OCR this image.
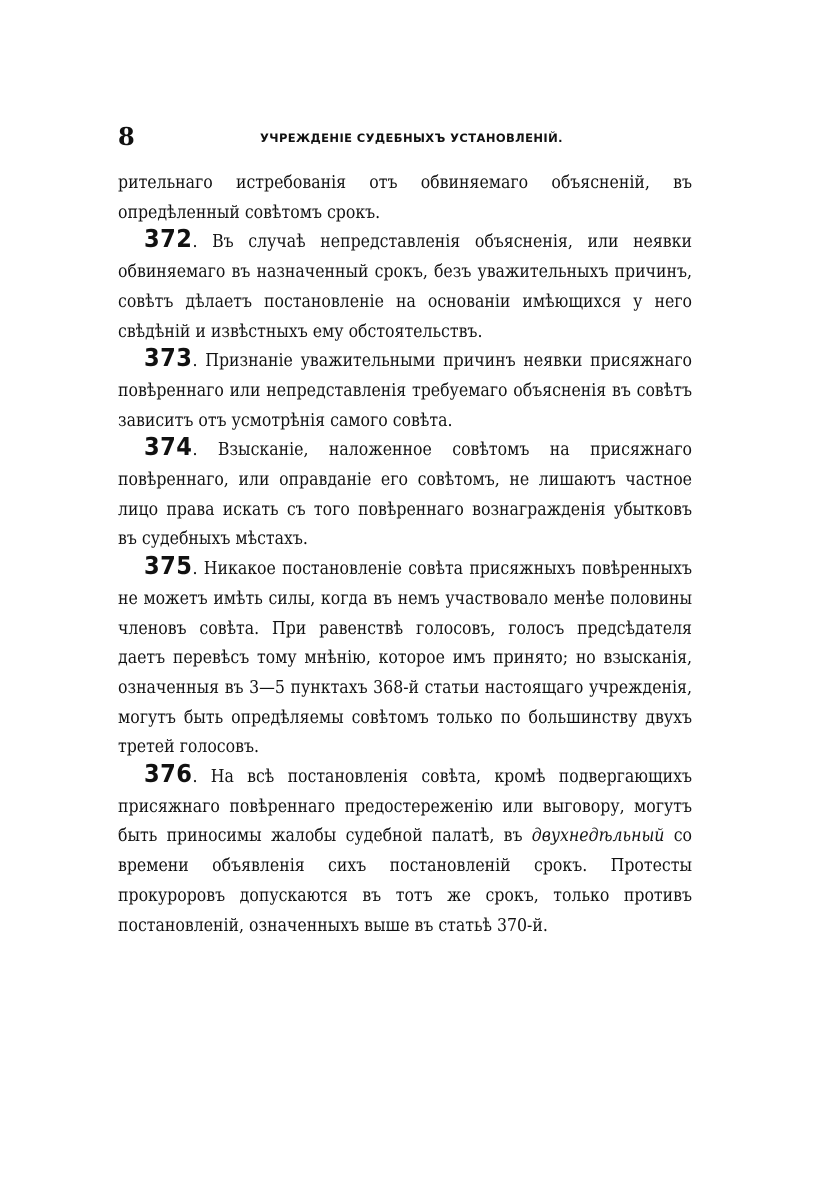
8	УЧРЕЖДЕНІЕ СУДЕБНЫХЪ УСТАНОВЛЕНІЙ.

рительнаго истребованія отъ обвиняемаго объясненій, въ опредѣленный совѣтомъ срокъ.

372. Въ случаѣ непредставленія объясненія, или неявки обвиняемаго въ назначенный срокъ, безъ уважительныхъ причинъ, совѣтъ дѣлаетъ постановленіе на основаніи имѣющихся у него свѣдѣній и извѣстныхъ ему обстоятельствъ.

373. Признаніе уважительными причинъ неявки присяжнаго повѣреннаго или непредставленія требуемаго объясненія въ совѣтъ зависитъ отъ усмотрѣнія самого совѣта.

374. Взысканіе, наложенное совѣтомъ на присяжнаго повѣреннаго, или оправданіе его совѣтомъ, не лишаютъ частное лицо права искать съ того повѣреннаго вознагражденія убытковъ въ судебныхъ мѣстахъ.

375. Никакое постановленіе совѣта присяжныхъ повѣренныхъ не можетъ имѣть силы, когда въ немъ участвовало менѣе половины членовъ совѣта. При равенствѣ голосовъ, голосъ предсѣдателя даетъ перевѣсъ тому мнѣнію, которое имъ принято; но взысканія, означенныя въ 3—5 пунктахъ 368-й статьи настоящаго учрежденія, могутъ быть опредѣляемы совѣтомъ только по большинству двухъ третей голосовъ.

376. На всѣ постановленія совѣта, кромѣ подвергающихъ присяжнаго повѣреннаго предостереженію или выговору, могутъ быть приносимы жалобы судебной палатѣ, въ двухнедѣльный со времени объявленія сихъ постановленій срокъ. Протесты прокуроровъ допускаются въ тотъ же срокъ, только противъ постановленій, означенныхъ выше въ статьѣ 370-й.
